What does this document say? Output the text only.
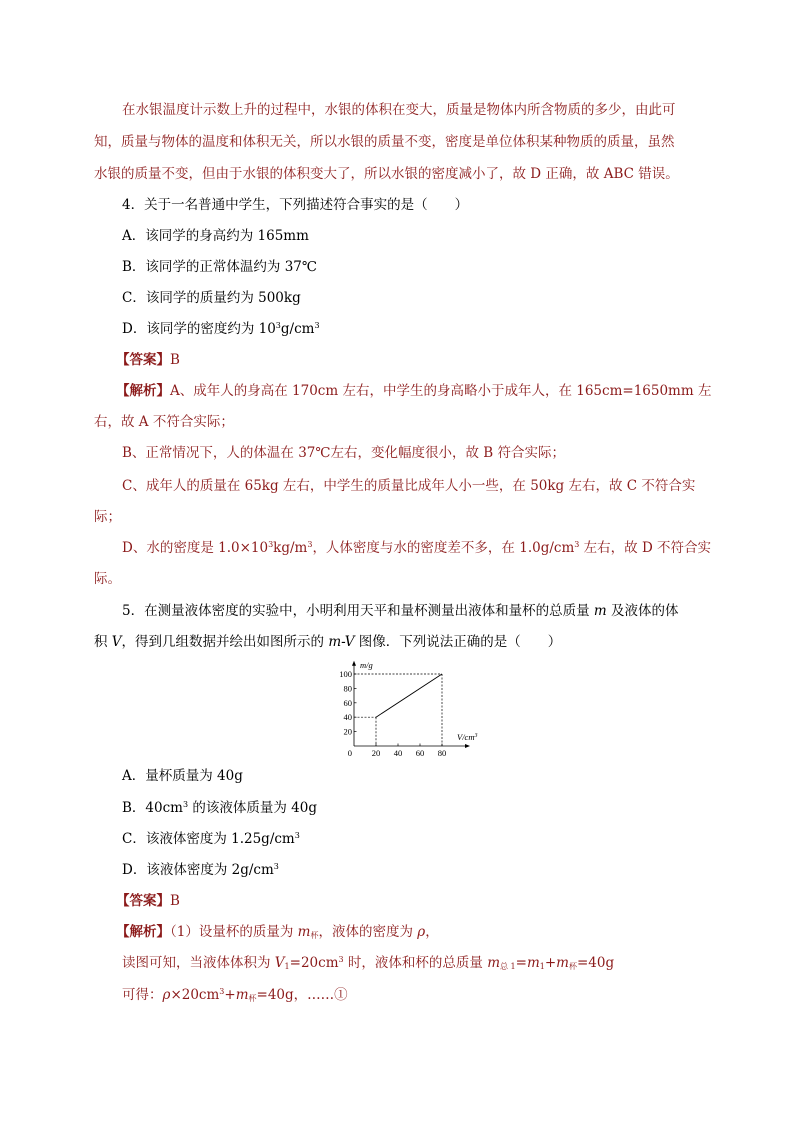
在水银温度计示数上升的过程中，水银的体积在变大，质量是物体内所含物质的多少，由此可
知，质量与物体的温度和体积无关，所以水银的质量不变，密度是单位体积某种物质的质量，虽然
水银的质量不变，但由于水银的体积变大了，所以水银的密度减小了，故 D 正确，故 ABC 错误。
4．关于一名普通中学生，下列描述符合事实的是（　　）
A．该同学的身高约为 165mm
B．该同学的正常体温约为 37℃
C．该同学的质量约为 500kg
D．该同学的密度约为 $10^3g/cm^3$
【答案】B
【解析】A、成年人的身高在 170cm 左右，中学生的身高略小于成年人，在 165cm=1650mm 左
右，故 A 不符合实际；
B、正常情况下，人的体温在 37℃左右，变化幅度很小，故 B 符合实际；
C、成年人的质量在 65kg 左右，中学生的质量比成年人小一些，在 50kg 左右，故 C 不符合实
际；
D、水的密度是 $1.0\times 10^3kg/m^3$，人体密度与水的密度差不多，在 $1.0g/cm^3$ 左右，故 D 不符合实
际。
5．在测量液体密度的实验中，小明利用天平和量杯测量出液体和量杯的总质量 m 及液体的体
积 V，得到几组数据并绘出如图所示的 m-V 图像．下列说法正确的是（　　）
m/g
$V/cm^3$
20
40
60
80
100
0 20 40 60 80
A．量杯质量为 40g
B．$40cm^3$ 的该液体质量为 40g
C．该液体密度为 $1.25g/cm^3$
D．该液体密度为 $2g/cm^3$
【答案】B
【解析】（1）设量杯的质量为 $m_杯$，液体的密度为 ρ，
读图可知，当液体体积为 $V_1=20cm^3$ 时，液体和杯的总质量 $m_{总 1}=m_1+m_杯=40g$
可得：$\rho\times 20cm^3+m_杯=40g$，……①
